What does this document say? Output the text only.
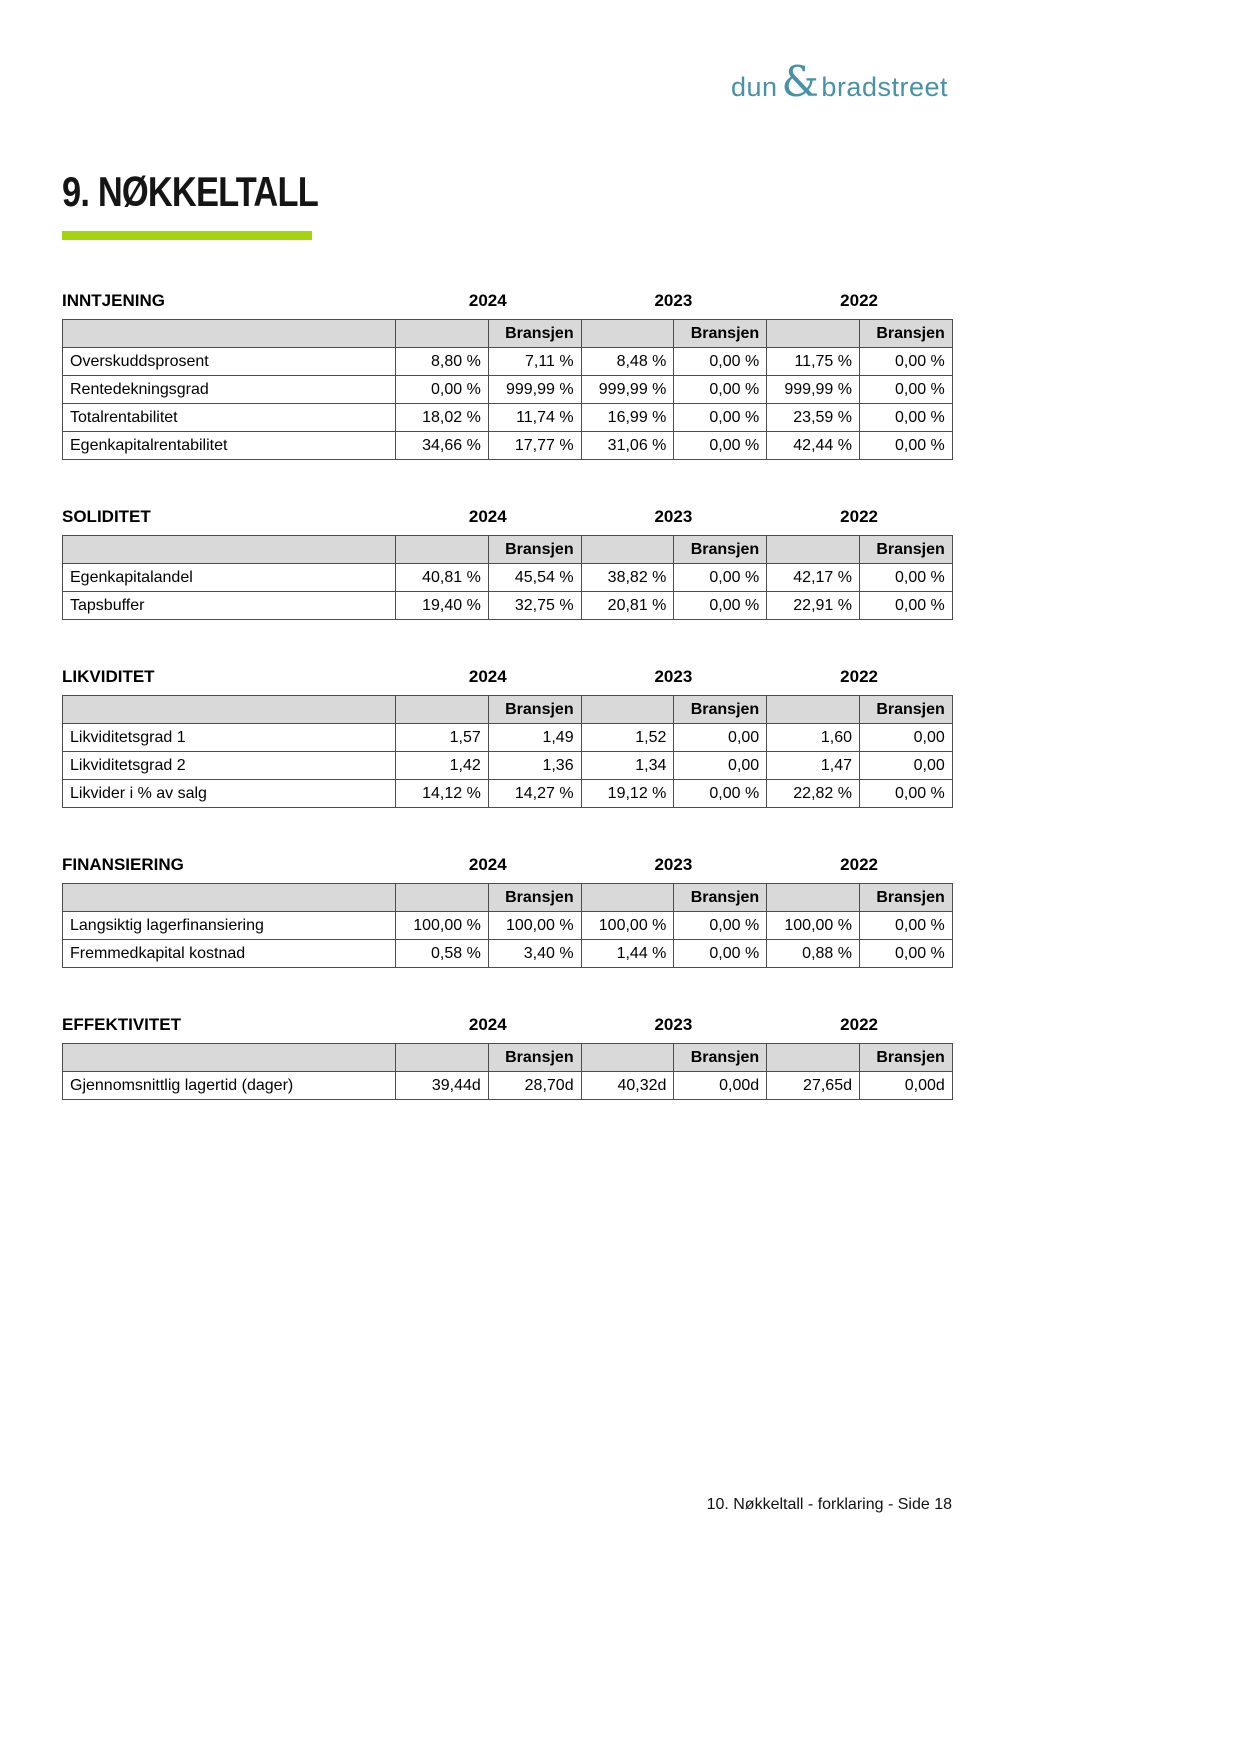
dun&bradstreet
9. NØKKELTALL
INNTJENING	2024	2023	2022
		Bransjen		Bransjen		Bransjen
Overskuddsprosent	8,80 %	7,11 %	8,48 %	0,00 %	11,75 %	0,00 %
Rentedekningsgrad	0,00 %	999,99 %	999,99 %	0,00 %	999,99 %	0,00 %
Totalrentabilitet	18,02 %	11,74 %	16,99 %	0,00 %	23,59 %	0,00 %
Egenkapitalrentabilitet	34,66 %	17,77 %	31,06 %	0,00 %	42,44 %	0,00 %
SOLIDITET	2024	2023	2022
		Bransjen		Bransjen		Bransjen
Egenkapitalandel	40,81 %	45,54 %	38,82 %	0,00 %	42,17 %	0,00 %
Tapsbuffer	19,40 %	32,75 %	20,81 %	0,00 %	22,91 %	0,00 %
LIKVIDITET	2024	2023	2022
		Bransjen		Bransjen		Bransjen
Likviditetsgrad 1	1,57	1,49	1,52	0,00	1,60	0,00
Likviditetsgrad 2	1,42	1,36	1,34	0,00	1,47	0,00
Likvider i % av salg	14,12 %	14,27 %	19,12 %	0,00 %	22,82 %	0,00 %
FINANSIERING	2024	2023	2022
		Bransjen		Bransjen		Bransjen
Langsiktig lagerfinansiering	100,00 %	100,00 %	100,00 %	0,00 %	100,00 %	0,00 %
Fremmedkapital kostnad	0,58 %	3,40 %	1,44 %	0,00 %	0,88 %	0,00 %
EFFEKTIVITET	2024	2023	2022
		Bransjen		Bransjen		Bransjen
Gjennomsnittlig lagertid (dager)	39,44d	28,70d	40,32d	0,00d	27,65d	0,00d
10. Nøkkeltall - forklaring - Side 18
